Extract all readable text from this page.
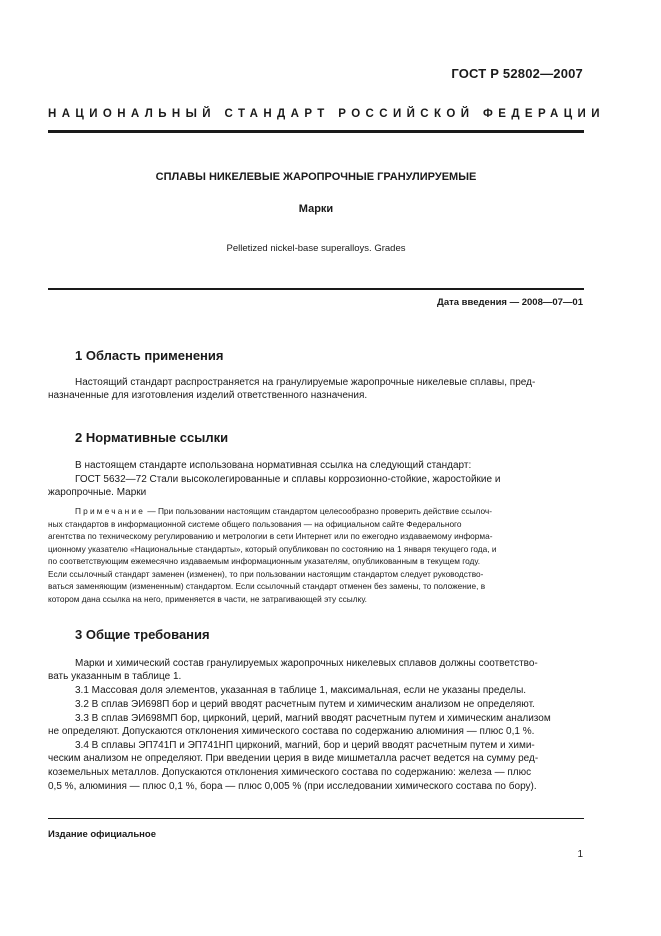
ГОСТ Р 52802—2007
НАЦИОНАЛЬНЫЙ СТАНДАРТ РОССИЙСКОЙ ФЕДЕРАЦИИ
СПЛАВЫ НИКЕЛЕВЫЕ ЖАРОПРОЧНЫЕ ГРАНУЛИРУЕМЫЕ
Марки
Pelletized nickel-base superalloys. Grades
Дата введения — 2008—07—01
1 Область применения
Настоящий стандарт распространяется на гранулируемые жаропрочные никелевые сплавы, пред-
назначенные для изготовления изделий ответственного назначения.
2 Нормативные ссылки
В настоящем стандарте использована нормативная ссылка на следующий стандарт:
ГОСТ 5632—72 Стали высоколегированные и сплавы коррозионно-стойкие, жаростойкие и
жаропрочные. Марки
Примечание — При пользовании настоящим стандартом целесообразно проверить действие ссылоч-
ных стандартов в информационной системе общего пользования — на официальном сайте Федерального
агентства по техническому регулированию и метрологии в сети Интернет или по ежегодно издаваемому информа-
ционному указателю «Национальные стандарты», который опубликован по состоянию на 1 января текущего года, и
по соответствующим ежемесячно издаваемым информационным указателям, опубликованным в текущем году.
Если ссылочный стандарт заменен (изменен), то при пользовании настоящим стандартом следует руководство-
ваться заменяющим (измененным) стандартом. Если ссылочный стандарт отменен без замены, то положение, в
котором дана ссылка на него, применяется в части, не затрагивающей эту ссылку.
3 Общие требования
Марки и химический состав гранулируемых жаропрочных никелевых сплавов должны соответство-
вать указанным в таблице 1.
3.1 Массовая доля элементов, указанная в таблице 1, максимальная, если не указаны пределы.
3.2 В сплав ЭИ698П бор и церий вводят расчетным путем и химическим анализом не определяют.
3.3 В сплав ЭИ698МП бор, цирконий, церий, магний вводят расчетным путем и химическим анализом
не определяют. Допускаются отклонения химического состава по содержанию алюминия — плюс 0,1 %.
3.4 В сплавы ЭП741П и ЭП741НП цирконий, магний, бор и церий вводят расчетным путем и хими-
ческим анализом не определяют. При введении церия в виде мишметалла расчет ведется на сумму ред-
коземельных металлов. Допускаются отклонения химического состава по содержанию: железа — плюс
0,5 %, алюминия — плюс 0,1 %, бора — плюс 0,005 % (при исследовании химического состава по бору).
Издание официальное
1
